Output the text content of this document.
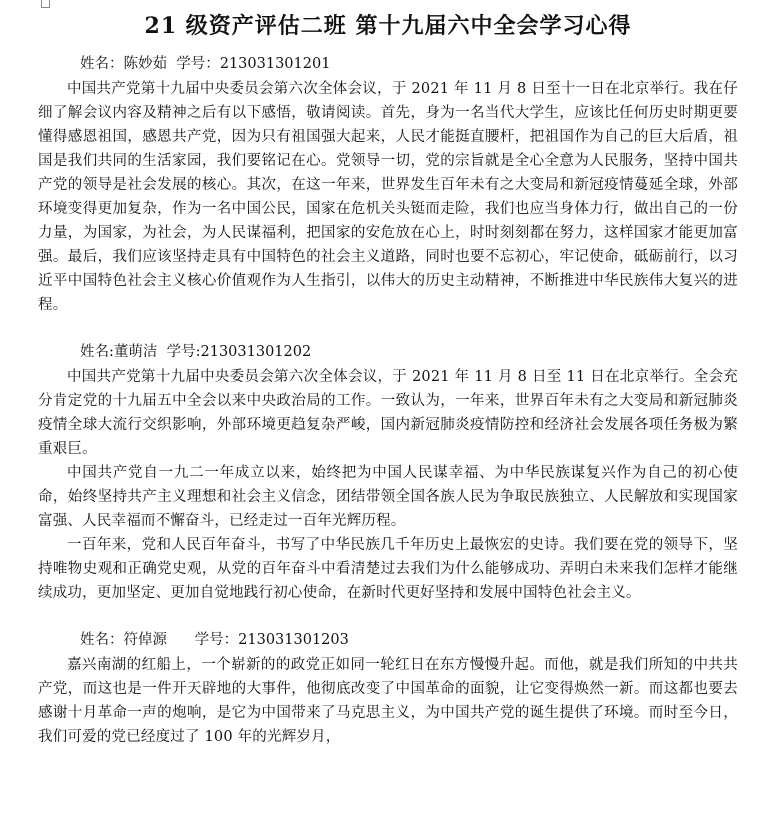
21 级资产评估二班 第十九届六中全会学习心得
姓名：陈妙茹  学号：213031301201

中国共产党第十九届中央委员会第六次全体会议，于 2021 年 11 月 8 日至十一日在北京举行。我在仔细了解会议内容及精神之后有以下感悟，敬请阅读。首先，身为一名当代大学生，应该比任何历史时期更要懂得感恩祖国，感恩共产党，因为只有祖国强大起来，人民才能挺直腰杆，把祖国作为自己的巨大后盾，祖国是我们共同的生活家园，我们要铭记在心。党领导一切，党的宗旨就是全心全意为人民服务，坚持中国共产党的领导是社会发展的核心。其次，在这一年来，世界发生百年未有之大变局和新冠疫情蔓延全球，外部环境变得更加复杂，作为一名中国公民，国家在危机关头铤而走险，我们也应当身体力行，做出自己的一份力量，为国家，为社会，为人民谋福利，把国家的安危放在心上，时时刻刻都在努力，这样国家才能更加富强。最后，我们应该坚持走具有中国特色的社会主义道路，同时也要不忘初心，牢记使命，砥砺前行，以习近平中国特色社会主义核心价值观作为人生指引，以伟大的历史主动精神，不断推进中华民族伟大复兴的进程。

姓名:董萌洁  学号:213031301202

中国共产党第十九届中央委员会第六次全体会议，于 2021 年 11 月 8 日至 11 日在北京举行。全会充分肯定党的十九届五中全会以来中央政治局的工作。一致认为，一年来，世界百年未有之大变局和新冠肺炎疫情全球大流行交织影响，外部环境更趋复杂严峻，国内新冠肺炎疫情防控和经济社会发展各项任务极为繁重艰巨。

中国共产党自一九二一年成立以来，始终把为中国人民谋幸福、为中华民族谋复兴作为自己的初心使命，始终坚持共产主义理想和社会主义信念，团结带领全国各族人民为争取民族独立、人民解放和实现国家富强、人民幸福而不懈奋斗，已经走过一百年光辉历程。

一百年来，党和人民百年奋斗，书写了中华民族几千年历史上最恢宏的史诗。我们要在党的领导下，坚持唯物史观和正确党史观，从党的百年奋斗中看清楚过去我们为什么能够成功、弄明白未来我们怎样才能继续成功，更加坚定、更加自觉地践行初心使命，在新时代更好坚持和发展中国特色社会主义。

姓名：符倬源      学号：213031301203

嘉兴南湖的红船上，一个崭新的的政党正如同一轮红日在东方慢慢升起。而他，就是我们所知的中共共产党，而这也是一件开天辟地的大事件，他彻底改变了中国革命的面貌，让它变得焕然一新。而这都也要去感谢十月革命一声的炮响，是它为中国带来了马克思主义，为中国共产党的诞生提供了环境。而时至今日，我们可爱的党已经度过了 100 年的光辉岁月，
